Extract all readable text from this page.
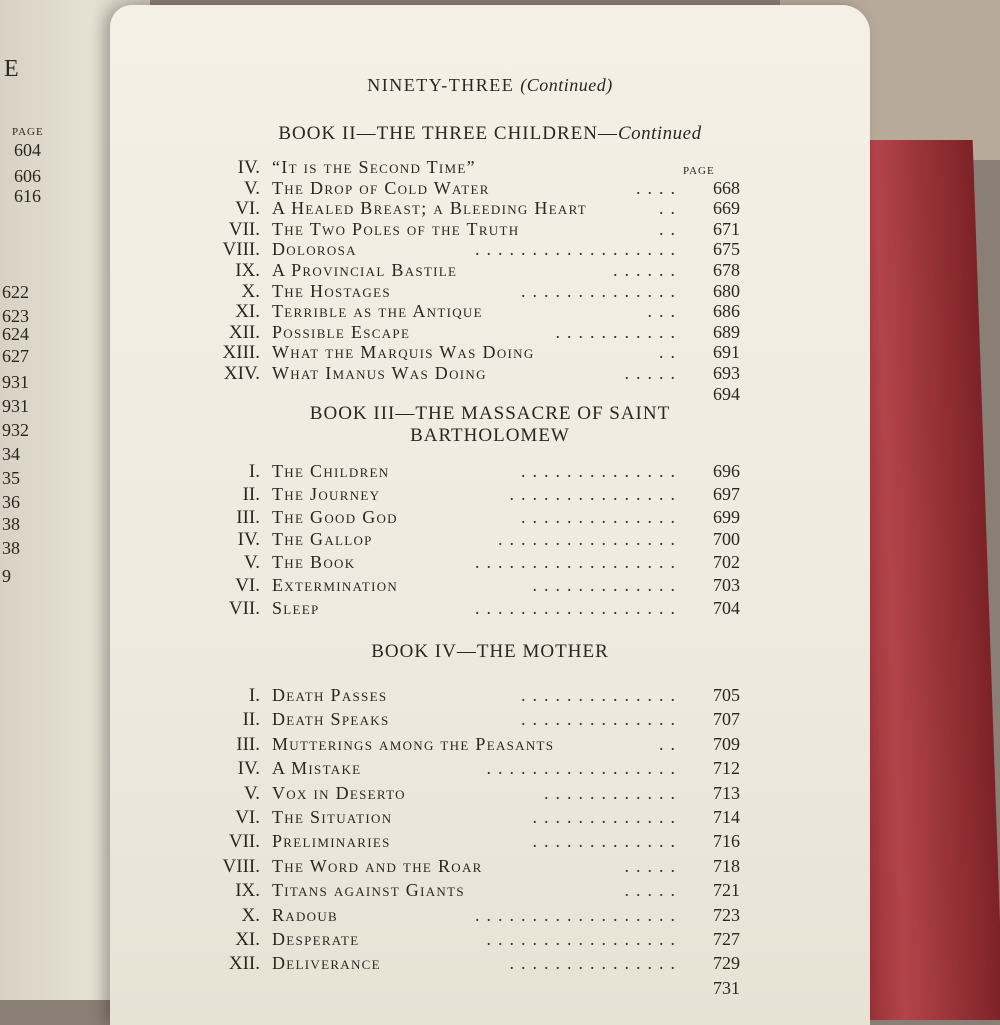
E
PAGE
604
606
616
622
623
624
627
931
931
932
34
35
36
38
38
9
NINETY-THREE (Continued)
PAGE
BOOK II—THE THREE CHILDREN—Continued
IV. “It is the Second Time”
V. The Drop of Cold Water	....	668
VI. A Healed Breast; a Bleeding Heart	..	669
VII. The Two Poles of the Truth	..	671
VIII. Dolorosa	..................	675
IX. A Provincial Bastile	......	678
X. The Hostages	..............	680
XI. Terrible as the Antique	...	686
XII. Possible Escape	...........	689
XIII. What the Marquis Was Doing	..	691
XIV. What Imanus Was Doing	.....	693
694
BOOK III—THE MASSACRE OF SAINT
BARTHOLOMEW
I. The Children	..............	696
II. The Journey	...............	697
III. The Good God	..............	699
IV. The Gallop	................	700
V. The Book	..................	702
VI. Extermination	.............	703
VII. Sleep	..................	704
BOOK IV—THE MOTHER
I. Death Passes	..............	705
II. Death Speaks	..............	707
III. Mutterings among the Peasants	..	709
IV. A Mistake	.................	712
V. Vox in Deserto	............	713
VI. The Situation	.............	714
VII. Preliminaries	.............	716
VIII. The Word and the Roar	.....	718
IX. Titans against Giants	.....	721
X. Radoub	..................	723
XI. Desperate	.................	727
XII. Deliverance	...............	729
731
